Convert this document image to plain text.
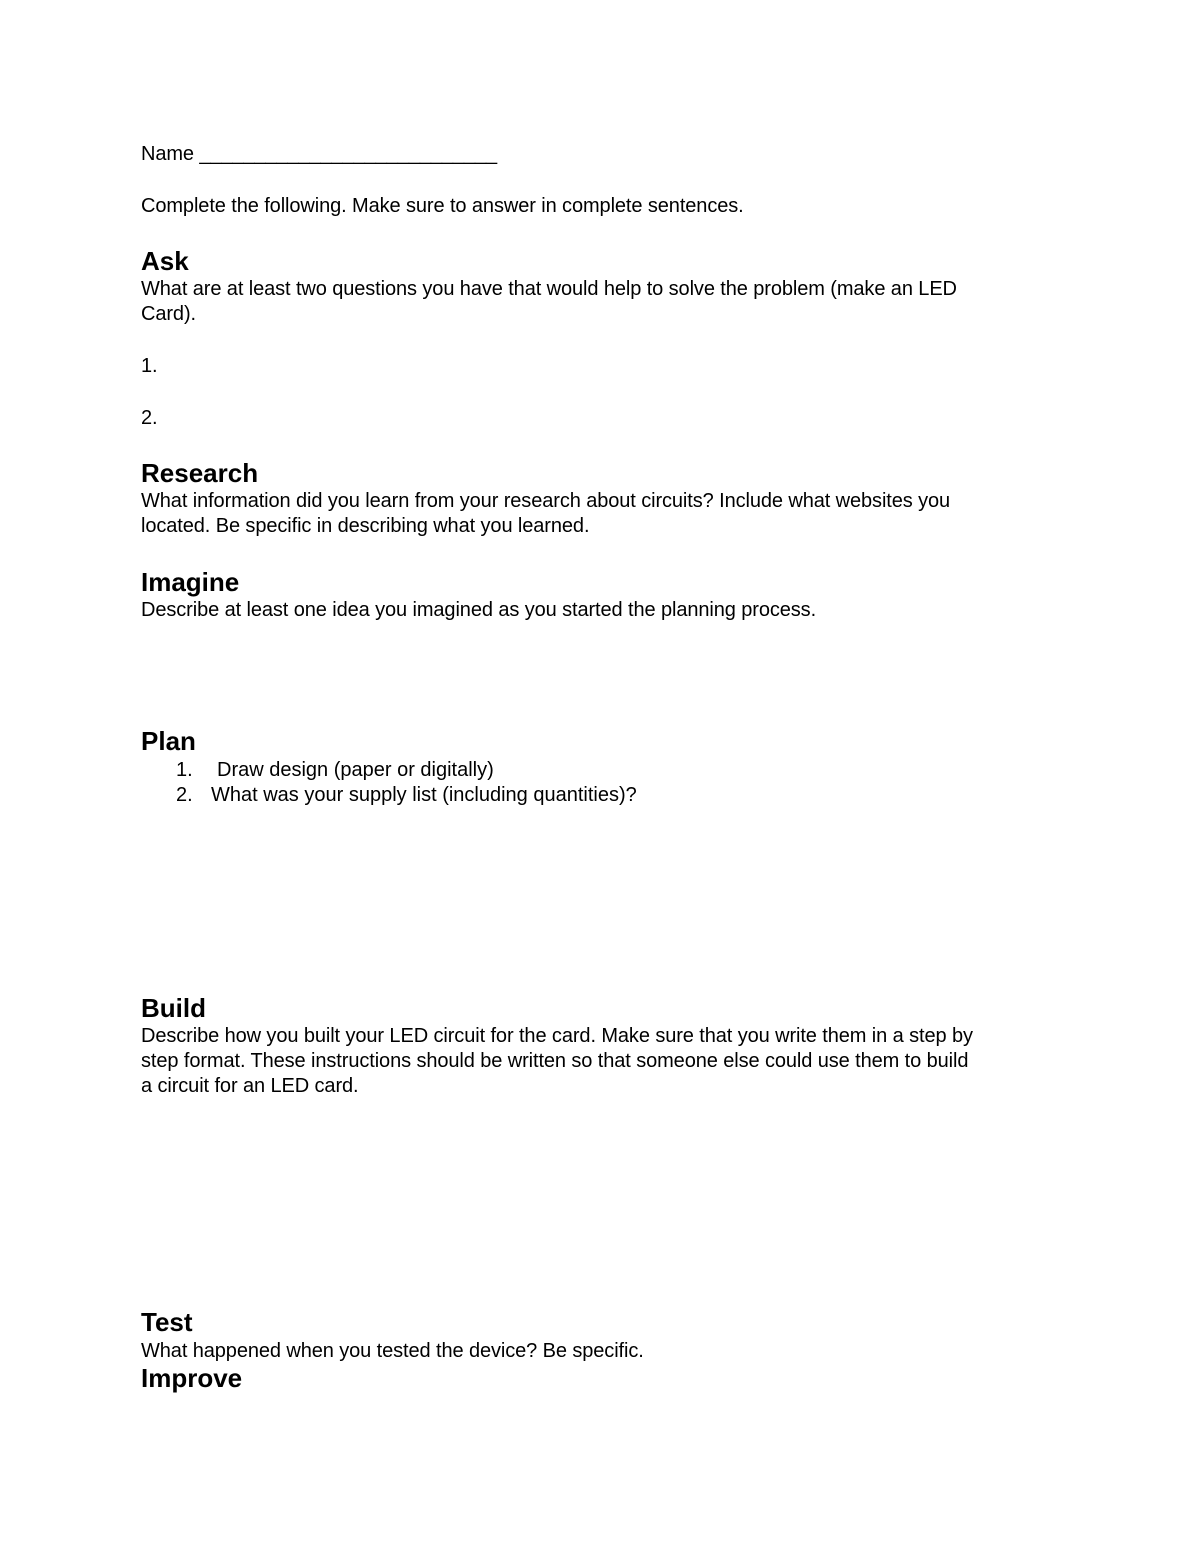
Name ___________________________

Complete the following. Make sure to answer in complete sentences.

Ask

What are at least two questions you have that would help to solve the problem (make an LED

Card).

1.

2.

Research

What information did you learn from your research about circuits? Include what websites you

located. Be specific in describing what you learned.

Imagine

Describe at least one idea you imagined as you started the planning process.

Plan
1. Draw design (paper or digitally)
2. What was your supply list (including quantities)?
Build

Describe how you built your LED circuit for the card. Make sure that you write them in a step by

step format. These instructions should be written so that someone else could use them to build

a circuit for an LED card.

Test

What happened when you tested the device? Be specific.

Improve
